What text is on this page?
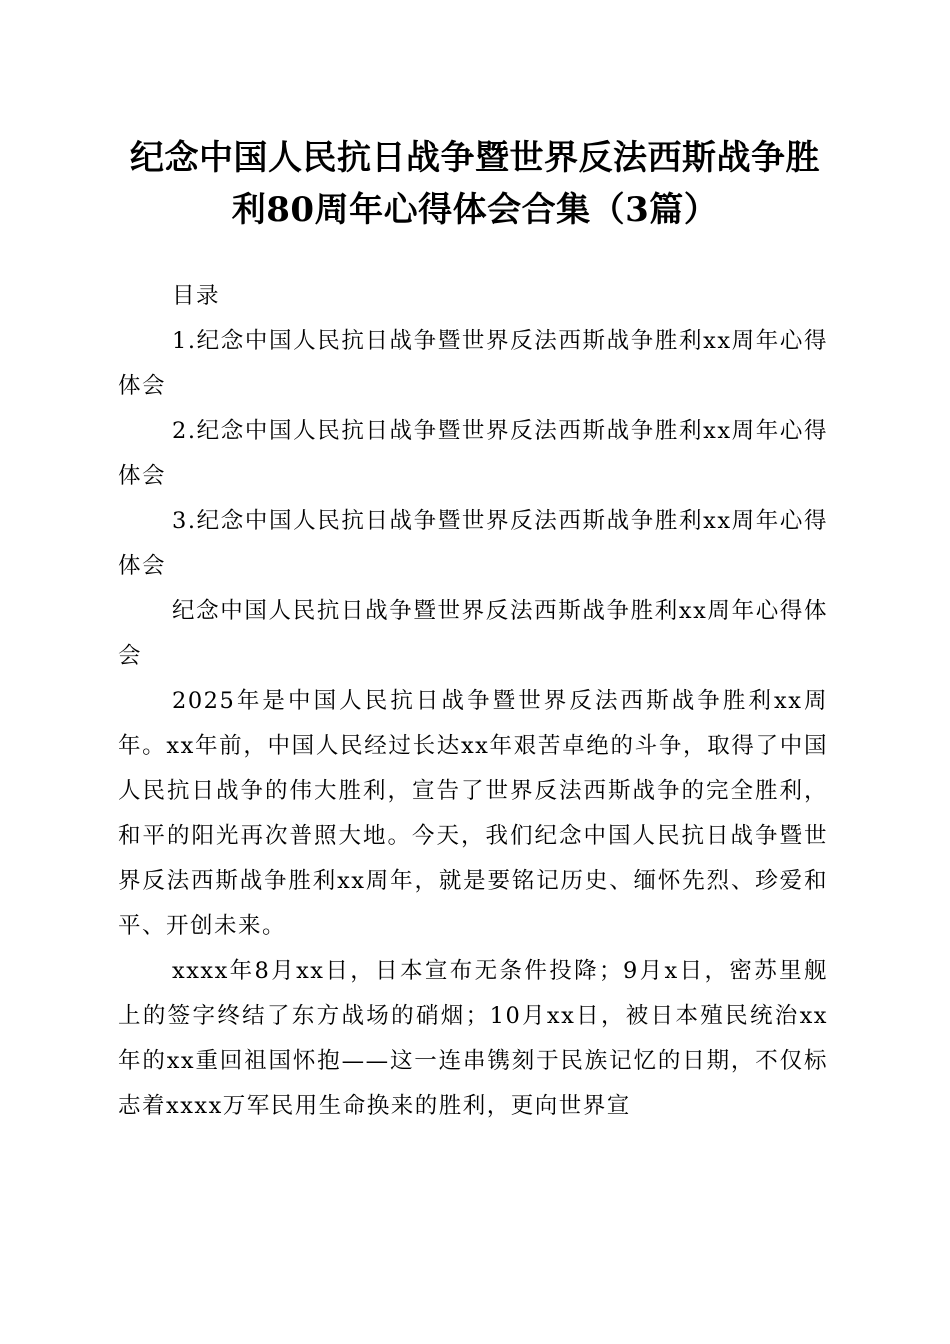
纪念中国人民抗日战争暨世界反法西斯战争胜
利80周年心得体会合集（3篇）

目录

1.纪念中国人民抗日战争暨世界反法西斯战争胜利xx周年心得体会

2.纪念中国人民抗日战争暨世界反法西斯战争胜利xx周年心得体会

3.纪念中国人民抗日战争暨世界反法西斯战争胜利xx周年心得体会

纪念中国人民抗日战争暨世界反法西斯战争胜利xx周年心得体会

2025年是中国人民抗日战争暨世界反法西斯战争胜利xx周年。xx年前，中国人民经过长达xx年艰苦卓绝的斗争，取得了中国人民抗日战争的伟大胜利，宣告了世界反法西斯战争的完全胜利，和平的阳光再次普照大地。今天，我们纪念中国人民抗日战争暨世界反法西斯战争胜利xx周年，就是要铭记历史、缅怀先烈、珍爱和平、开创未来。

xxxx年8月xx日，日本宣布无条件投降；9月x日，密苏里舰上的签字终结了东方战场的硝烟；10月xx日，被日本殖民统治xx年的xx重回祖国怀抱——这一连串镌刻于民族记忆的日期，不仅标志着xxxx万军民用生命换来的胜利，更向世界宣
